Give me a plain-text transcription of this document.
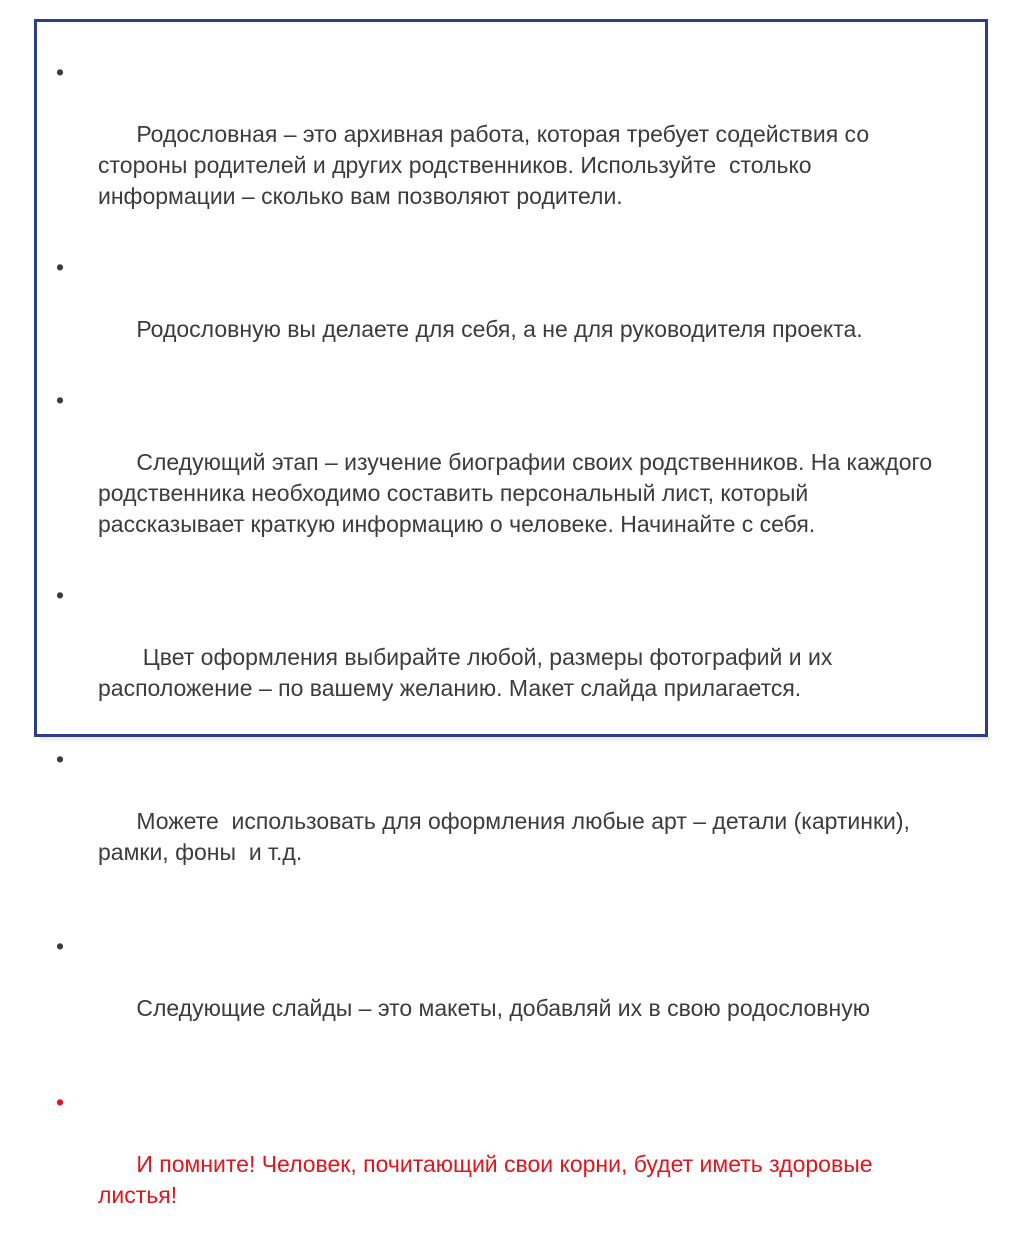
•

Родословная – это архивная работа, которая требует содействия со стороны родителей и других родственников. Используйте  столько информации – сколько вам позволяют родители.

•

Родословную вы делаете для себя, а не для руководителя проекта.

•

Следующий этап – изучение биографии своих родственников. На каждого родственника необходимо составить персональный лист, который рассказывает краткую информацию о человеке. Начинайте с себя.

•

Цвет оформления выбирайте любой, размеры фотографий и их расположение – по вашему желанию. Макет слайда прилагается.

•

Можете  использовать для оформления любые арт – детали (картинки), рамки, фоны  и т.д.

•

Следующие слайды – это макеты, добавляй их в свою родословную

•

И помните! Человек, почитающий свои корни, будет иметь здоровые листья!
